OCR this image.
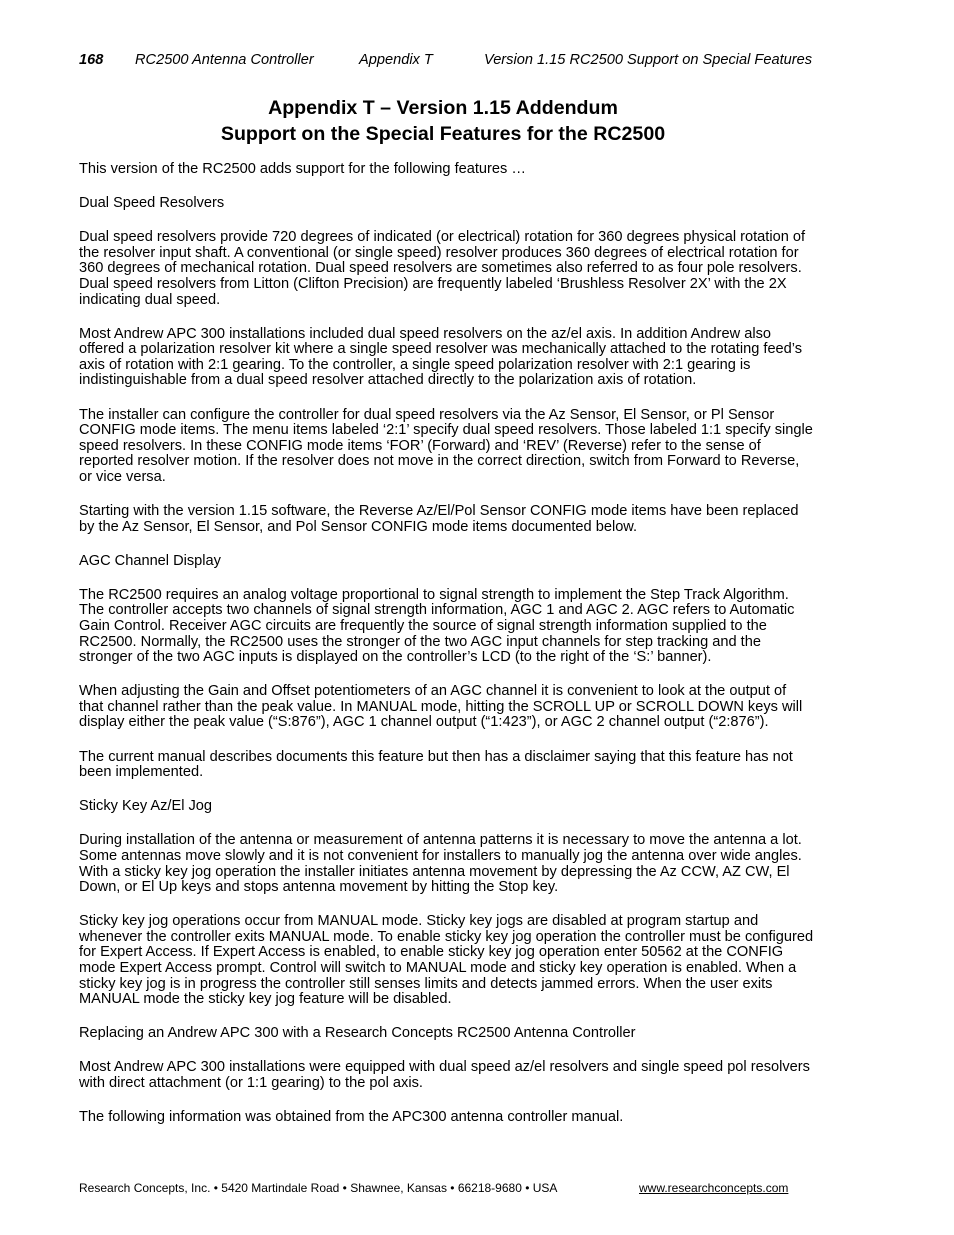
168 RC2500 Antenna Controller	Appendix T	Version 1.15 RC2500 Support on Special Features
Appendix T – Version 1.15 Addendum
Support on the Special Features for the RC2500

This version of the RC2500 adds support for the following features …

Dual Speed Resolvers

Dual speed resolvers provide 720 degrees of indicated (or electrical) rotation for 360 degrees physical rotation of the resolver input shaft. A conventional (or single speed) resolver produces 360 degrees of electrical rotation for 360 degrees of mechanical rotation. Dual speed resolvers are sometimes also referred to as four pole resolvers. Dual speed resolvers from Litton (Clifton Precision) are frequently labeled ‘Brushless Resolver 2X’ with the 2X indicating dual speed.

Most Andrew APC 300 installations included dual speed resolvers on the az/el axis. In addition Andrew also offered a polarization resolver kit where a single speed resolver was mechanically attached to the rotating feed’s axis of rotation with 2:1 gearing. To the controller, a single speed polarization resolver with 2:1 gearing is indistinguishable from a dual speed resolver attached directly to the polarization axis of rotation.

The installer can configure the controller for dual speed resolvers via the Az Sensor, El Sensor, or Pl Sensor CONFIG mode items. The menu items labeled ‘2:1’ specify dual speed resolvers. Those labeled 1:1 specify single speed resolvers. In these CONFIG mode items ‘FOR’ (Forward) and ‘REV’ (Reverse) refer to the sense of reported resolver motion. If the resolver does not move in the correct direction, switch from Forward to Reverse, or vice versa.

Starting with the version 1.15 software, the Reverse Az/El/Pol Sensor CONFIG mode items have been replaced by the Az Sensor, El Sensor, and Pol Sensor CONFIG mode items documented below.

AGC Channel Display

The RC2500 requires an analog voltage proportional to signal strength to implement the Step Track Algorithm. The controller accepts two channels of signal strength information, AGC 1 and AGC 2. AGC refers to Automatic Gain Control. Receiver AGC circuits are frequently the source of signal strength information supplied to the RC2500. Normally, the RC2500 uses the stronger of the two AGC input channels for step tracking and the stronger of the two AGC inputs is displayed on the controller’s LCD (to the right of the ‘S:’ banner).

When adjusting the Gain and Offset potentiometers of an AGC channel it is convenient to look at the output of that channel rather than the peak value. In MANUAL mode, hitting the SCROLL UP or SCROLL DOWN keys will display either the peak value (“S:876”), AGC 1 channel output (“1:423”), or AGC 2 channel output (“2:876”).

The current manual describes documents this feature but then has a disclaimer saying that this feature has not been implemented.

Sticky Key Az/El Jog

During installation of the antenna or measurement of antenna patterns it is necessary to move the antenna a lot. Some antennas move slowly and it is not convenient for installers to manually jog the antenna over wide angles. With a sticky key jog operation the installer initiates antenna movement by depressing the Az CCW, AZ CW, El Down, or El Up keys and stops antenna movement by hitting the Stop key.

Sticky key jog operations occur from MANUAL mode. Sticky key jogs are disabled at program startup and whenever the controller exits MANUAL mode. To enable sticky key jog operation the controller must be configured for Expert Access. If Expert Access is enabled, to enable sticky key jog operation enter 50562 at the CONFIG mode Expert Access prompt. Control will switch to MANUAL mode and sticky key operation is enabled. When a sticky key jog is in progress the controller still senses limits and detects jammed errors. When the user exits MANUAL mode the sticky key jog feature will be disabled.

Replacing an Andrew APC 300 with a Research Concepts RC2500 Antenna Controller

Most Andrew APC 300 installations were equipped with dual speed az/el resolvers and single speed pol resolvers with direct attachment (or 1:1 gearing) to the pol axis.

The following information was obtained from the APC300 antenna controller manual.

Research Concepts, Inc. • 5420 Martindale Road • Shawnee, Kansas • 66218-9680 • USA	www.researchconcepts.com
